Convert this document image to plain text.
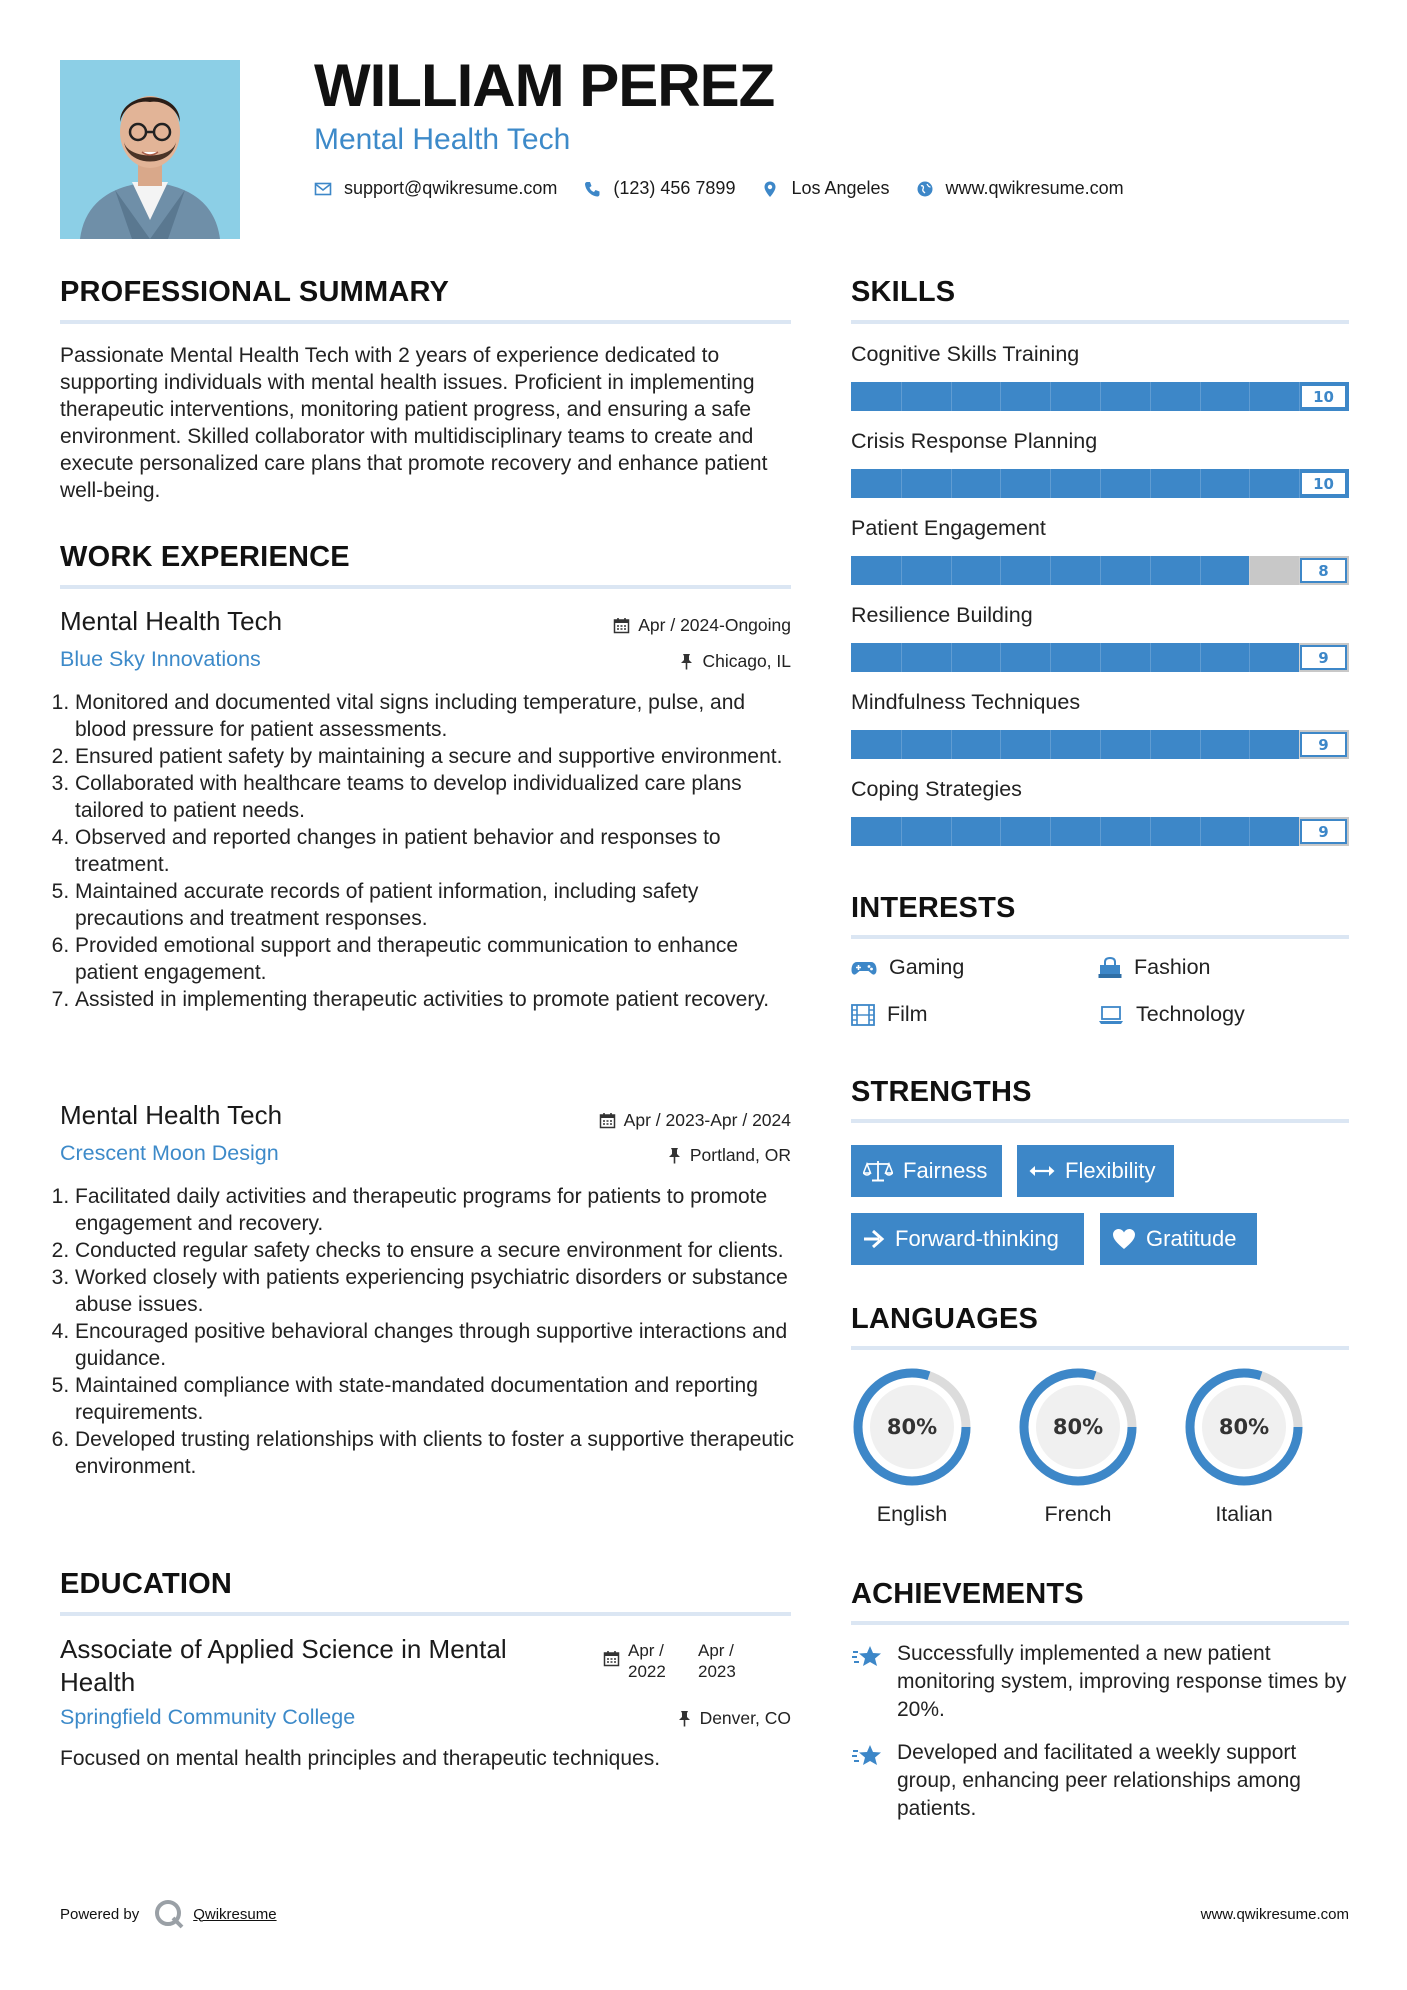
WILLIAM PEREZ
Mental Health Tech
support@qwikresume.com	(123) 456 7899	Los Angeles	www.qwikresume.com
PROFESSIONAL SUMMARY
Passionate Mental Health Tech with 2 years of experience dedicated to supporting individuals with mental health issues. Proficient in implementing therapeutic interventions, monitoring patient progress, and ensuring a safe environment. Skilled collaborator with multidisciplinary teams to create and execute personalized care plans that promote recovery and enhance patient well-being.
WORK EXPERIENCE
Mental Health Tech	Apr / 2024-Ongoing
Blue Sky Innovations	Chicago, IL
1. Monitored and documented vital signs including temperature, pulse, and blood pressure for patient assessments.
2. Ensured patient safety by maintaining a secure and supportive environment.
3. Collaborated with healthcare teams to develop individualized care plans tailored to patient needs.
4. Observed and reported changes in patient behavior and responses to treatment.
5. Maintained accurate records of patient information, including safety precautions and treatment responses.
6. Provided emotional support and therapeutic communication to enhance patient engagement.
7. Assisted in implementing therapeutic activities to promote patient recovery.
Mental Health Tech	Apr / 2023-Apr / 2024
Crescent Moon Design	Portland, OR
1. Facilitated daily activities and therapeutic programs for patients to promote engagement and recovery.
2. Conducted regular safety checks to ensure a secure environment for clients.
3. Worked closely with patients experiencing psychiatric disorders or substance abuse issues.
4. Encouraged positive behavioral changes through supportive interactions and guidance.
5. Maintained compliance with state-mandated documentation and reporting requirements.
6. Developed trusting relationships with clients to foster a supportive therapeutic environment.
EDUCATION
Associate of Applied Science in Mental Health
Apr / 2022
Apr / 2023
Springfield Community College	Denver, CO
Focused on mental health principles and therapeutic techniques.
SKILLS
Cognitive Skills Training
10
Crisis Response Planning
10
Patient Engagement
8
Resilience Building
9
Mindfulness Techniques
9
Coping Strategies
9
INTERESTS
Gaming	Fashion
Film	Technology
STRENGTHS
Fairness	Flexibility
Forward-thinking	Gratitude
LANGUAGES
80%
English
80%
French
80%
Italian
ACHIEVEMENTS
Successfully implemented a new patient monitoring system, improving response times by 20%.
Developed and facilitated a weekly support group, enhancing peer relationships among patients.
Powered by	Qwikresume	www.qwikresume.com
